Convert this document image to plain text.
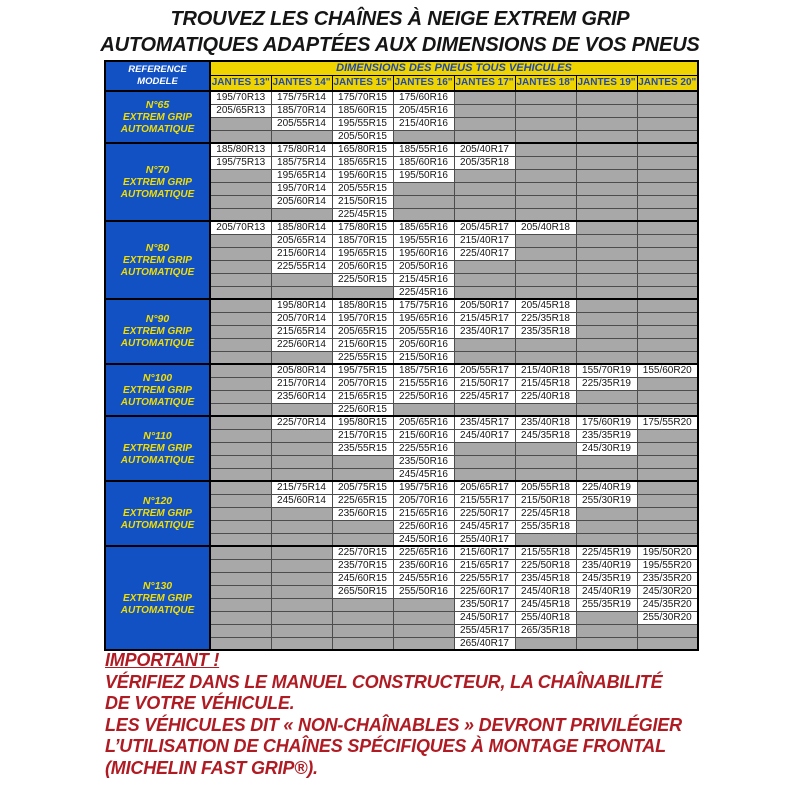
TROUVEZ LES CHAÎNES À NEIGE EXTREM GRIP
AUTOMATIQUES ADAPTÉES AUX DIMENSIONS DE VOS PNEUS
REFERENCE
MODELE	DIMENSIONS DES PNEUS TOUS VEHICULES							
	JANTES 13"	JANTES 14"	JANTES 15"	JANTES 16"	JANTES 17"	JANTES 18"	JANTES 19"	JANTES 20"

N°65
EXTREM GRIP
AUTOMATIQUE	195/70R13	175/75R14	175/70R15	175/60R16				
	205/65R13	185/70R14	185/60R15	205/45R16				
		205/55R14	195/55R15	215/40R16				
			205/50R15					

N°70
EXTREM GRIP
AUTOMATIQUE	185/80R13	175/80R14	165/80R15	185/55R16	205/40R17			
	195/75R13	185/75R14	185/65R15	185/60R16	205/35R18			
		195/65R14	195/60R15	195/50R16				
		195/70R14	205/55R15					
		205/60R14	215/50R15					
			225/45R15					

N°80
EXTREM GRIP
AUTOMATIQUE	205/70R13	185/80R14	175/80R15	185/65R16	205/45R17	205/40R18		
		205/65R14	185/70R15	195/55R16	215/40R17			
		215/60R14	195/65R15	195/60R16	225/40R17			
		225/55R14	205/60R15	205/50R16				
			225/50R15	215/45R16				
				225/45R16				

N°90
EXTREM GRIP
AUTOMATIQUE		195/80R14	185/80R15	175/75R16	205/50R17	205/45R18		
		205/70R14	195/70R15	195/65R16	215/45R17	225/35R18		
		215/65R14	205/65R15	205/55R16	235/40R17	235/35R18		
		225/60R14	215/60R15	205/60R16				
			225/55R15	215/50R16				

N°100
EXTREM GRIP
AUTOMATIQUE		205/80R14	195/75R15	185/75R16	205/55R17	215/40R18	155/70R19	155/60R20
		215/70R14	205/70R15	215/55R16	215/50R17	215/45R18	225/35R19	
		235/60R14	215/65R15	225/50R16	225/45R17	225/40R18		
			225/60R15					

N°110
EXTREM GRIP
AUTOMATIQUE		225/70R14	195/80R15	205/65R16	235/45R17	235/40R18	175/60R19	175/55R20
			215/70R15	215/60R16	245/40R17	245/35R18	235/35R19	
			235/55R15	225/55R16			245/30R19	
				235/50R16				
				245/45R16				

N°120
EXTREM GRIP
AUTOMATIQUE		215/75R14	205/75R15	195/75R16	205/65R17	205/55R18	225/40R19	
		245/60R14	225/65R15	205/70R16	215/55R17	215/50R18	255/30R19	
			235/60R15	215/65R16	225/50R17	225/45R18		
				225/60R16	245/45R17	255/35R18		
				245/50R16	255/40R17			

N°130
EXTREM GRIP
AUTOMATIQUE			225/70R15	225/65R16	215/60R17	215/55R18	225/45R19	195/50R20
			235/70R15	235/60R16	215/65R17	225/50R18	235/40R19	195/55R20
			245/60R15	245/55R16	225/55R17	235/45R18	245/35R19	235/35R20
			265/50R15	255/50R16	225/60R17	245/40R18	245/40R19	245/30R20
					235/50R17	245/45R18	255/35R19	245/35R20
					245/50R17	255/40R18		255/30R20
					255/45R17	265/35R18		
					265/40R17			
IMPORTANT !
VÉRIFIEZ DANS LE MANUEL CONSTRUCTEUR, LA CHAÎNABILITÉ
DE VOTRE VÉHICULE.
LES VÉHICULES DIT « NON-CHAÎNABLES » DEVRONT PRIVILÉGIER
L’UTILISATION DE CHAÎNES SPÉCIFIQUES À MONTAGE FRONTAL
(MICHELIN FAST GRIP®).
